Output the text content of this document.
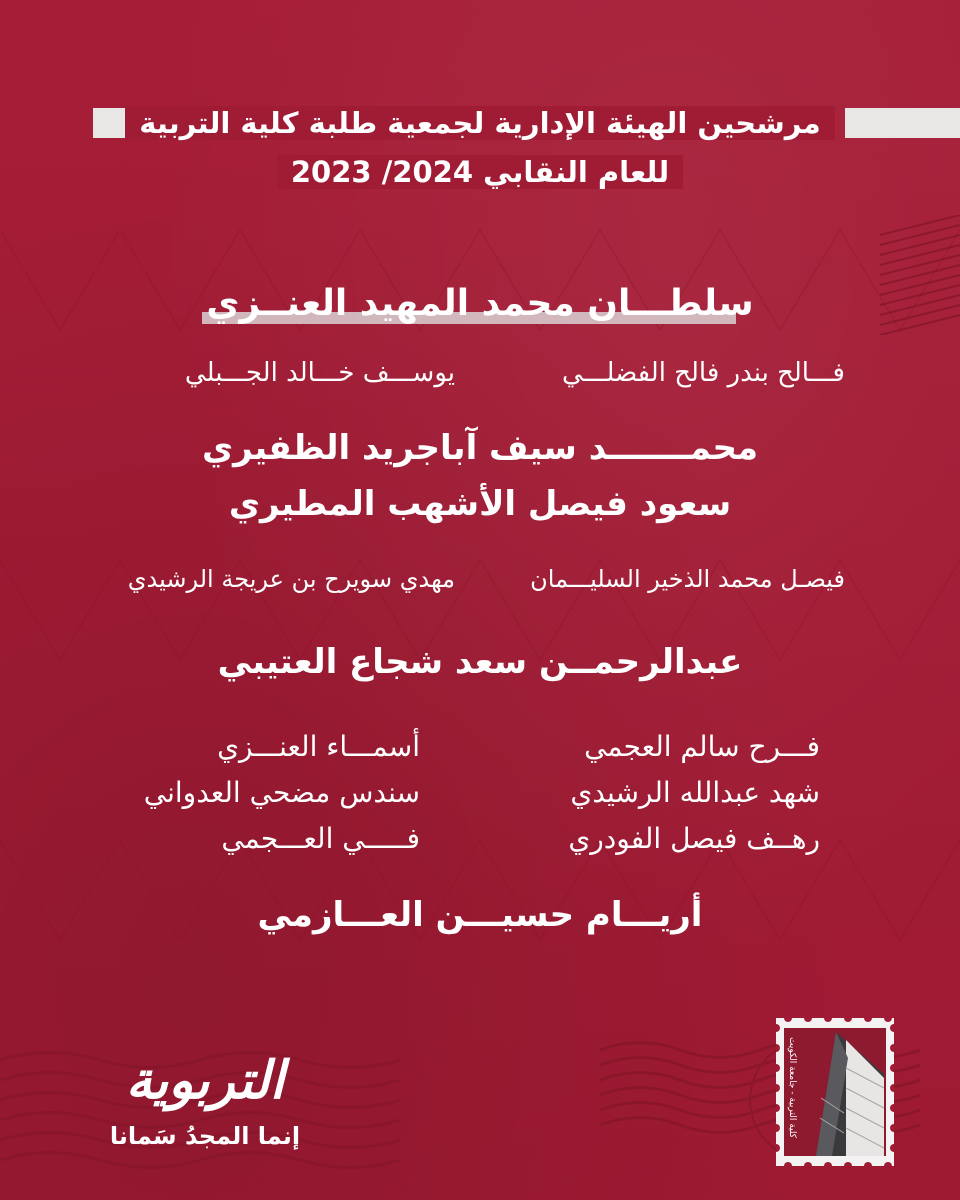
مرشحين الهيئة الإدارية لجمعية طلبة كلية التربية
للعام النقابي 2024/ 2023
سلطـــان محمد المهيد العنــزي
فـــالح بندر فالح الفضلـــي
يوســـف خـــالد الجـــبلي
محمـــــــد سيف آباجريد الظفيري
سعود فيصل الأشهب المطيري
فيصـل محمد الذخير السليـــمان
مهدي سويرح بن عريجة الرشيدي
عبدالرحمــن سعد شجاع العتيبي
فـــرح سالم العجمي
شهد عبدالله الرشيدي
رهــف فيصل الفودري
أسمـــاء العنـــزي
سندس مضحي العدواني
فـــــي العـــجمي
أريـــام حسيـــن العـــازمي
كلية التربية - جامعة الكويت
التربوية
إنما المجدُ سَمانا
